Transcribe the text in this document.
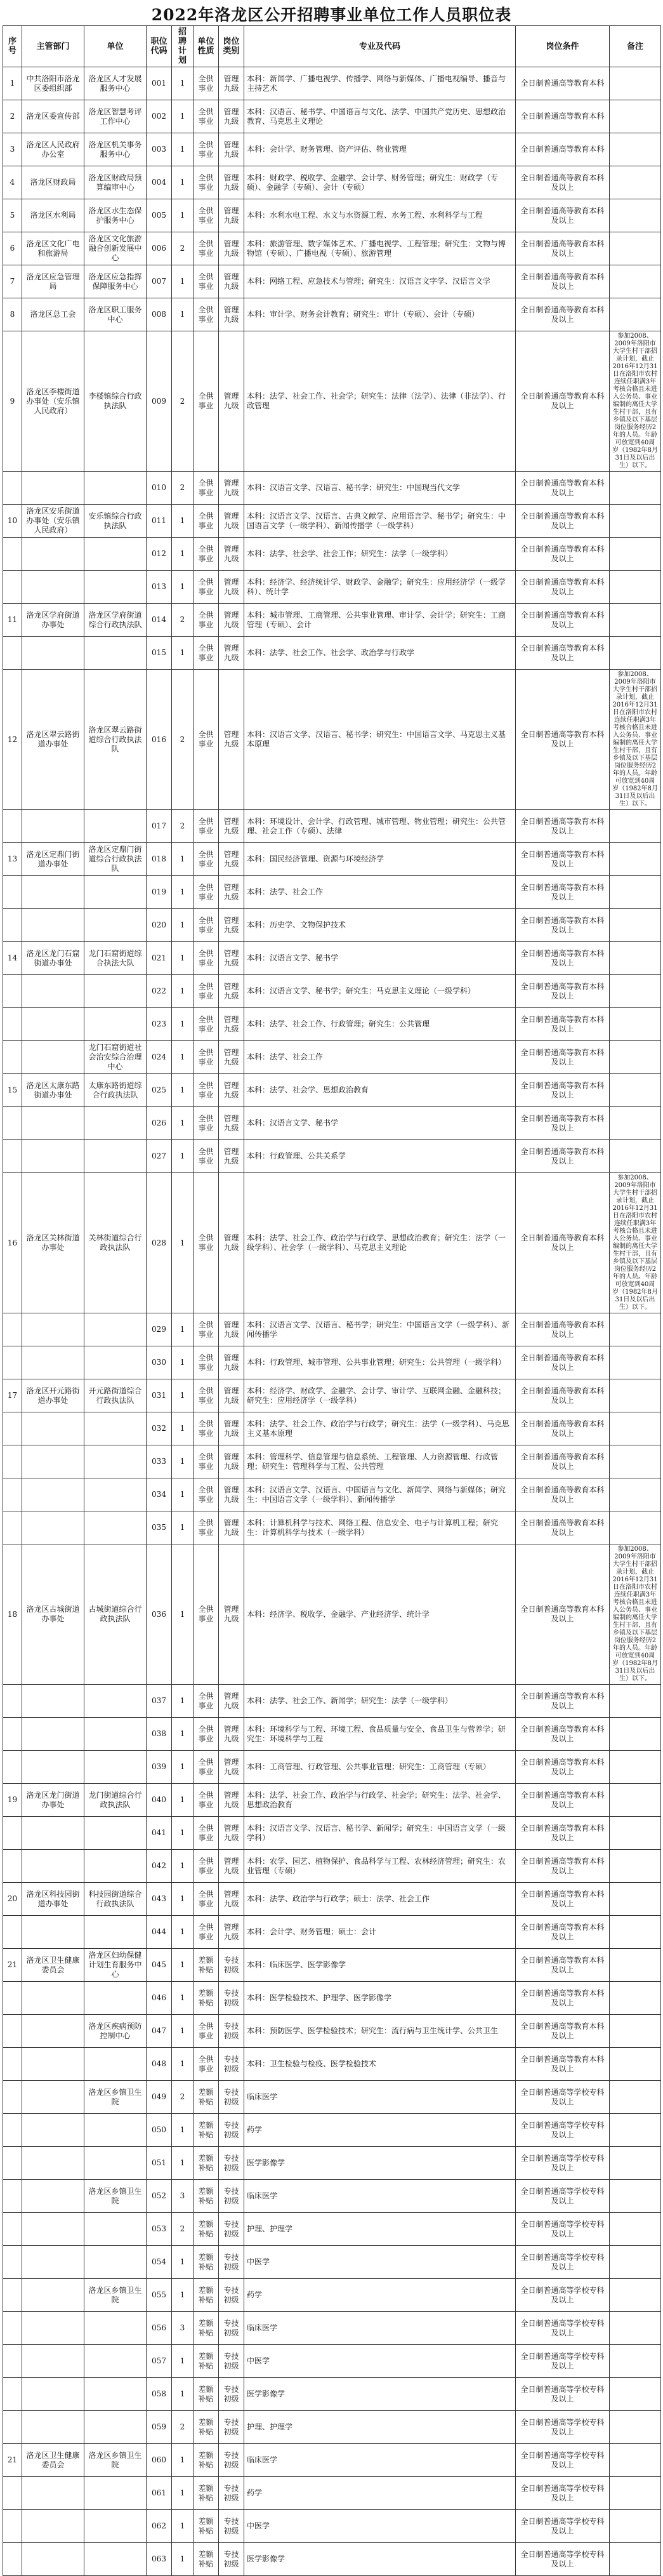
2022年洛龙区公开招聘事业单位工作人员职位表
序号	主管部门	单位	职位代码	招聘计划	单位性质	岗位类别	专业及代码	岗位条件	备注
1	中共洛阳市洛龙区委组织部	洛龙区人才发展服务中心	001	1	全供事业	管理九级	本科：新闻学、广播电视学、传播学、网络与新媒体、广播电视编导、播音与主持艺术	全日制普通高等教育本科	
2	洛龙区委宣传部	洛龙区智慧考评工作中心	002	1	全供事业	管理九级	本科：汉语言、秘书学、中国语言与文化、法学、中国共产党历史、思想政治教育、马克思主义理论	全日制普通高等教育本科	
3	洛龙区人民政府办公室	洛龙区机关事务服务中心	003	1	全供事业	管理九级	本科：会计学、财务管理、资产评估、物业管理	全日制普通高等教育本科	
4	洛龙区财政局	洛龙区财政局预算编审中心	004	1	全供事业	管理九级	本科：财政学、税收学、金融学、会计学、财务管理；研究生：财政学（专硕）、金融学（专硕）、会计（专硕）	全日制普通高等教育本科及以上	
5	洛龙区水利局	洛龙区水生态保护服务中心	005	1	全供事业	管理九级	本科：水利水电工程、水文与水资源工程、水务工程、水利科学与工程	全日制普通高等教育本科及以上	
6	洛龙区文化广电和旅游局	洛龙区文化旅游融合创新发展中心	006	2	全供事业	管理九级	本科：旅游管理、数字媒体艺术、广播电视学、工程管理；研究生：文物与博物馆（专硕）、广播电视（专硕）、旅游管理	全日制普通高等教育本科及以上	
7	洛龙区应急管理局	洛龙区应急指挥保障服务中心	007	1	全供事业	管理九级	本科：网络工程、应急技术与管理；研究生：汉语言文字学、汉语言文学	全日制普通高等教育本科及以上	
8	洛龙区总工会	洛龙区职工服务中心	008	1	全供事业	管理九级	本科：审计学、财务会计教育；研究生：审计（专硕）、会计（专硕）	全日制普通高等教育本科及以上	
9	洛龙区李楼街道办事处（安乐镇人民政府）	李楼镇综合行政执法队	009	2	全供事业	管理九级	本科：法学、社会工作、社会学；研究生：法律（法学）、法律（非法学）、行政管理	全日制普通高等教育本科及以上	参加2008、2009年洛阳市大学生村干部招录计划，截止2016年12月31日在洛阳市农村连续任职满3年考核合格且未进入公务员、事业编制的离任大学生村干部，且有乡镇及以下基层岗位服务经历2年的人员。年龄可放宽到40周岁（1982年8月31日及以后出生）以下。
			010	2	全供事业	管理九级	本科：汉语言文学、汉语言、秘书学；研究生：中国现当代文学	全日制普通高等教育本科及以上	
10	洛龙区安乐街道办事处（安乐镇人民政府）	安乐镇综合行政执法队	011	1	全供事业	管理九级	本科：汉语言文学、汉语言、古典文献学、应用语言学、秘书学；研究生：中国语言文学（一级学科）、新闻传播学（一级学科）	全日制普通高等教育本科及以上	
			012	1	全供事业	管理九级	本科：法学、社会学、社会工作；研究生：法学（一级学科）	全日制普通高等教育本科及以上	
			013	1	全供事业	管理九级	本科：经济学、经济统计学、财政学、金融学；研究生：应用经济学（一级学科）、统计学	全日制普通高等教育本科及以上	
11	洛龙区学府街道办事处	洛龙区学府街道综合行政执法队	014	2	全供事业	管理九级	本科：城市管理、工商管理、公共事业管理、审计学、会计学；研究生：工商管理（专硕）、会计	全日制普通高等教育本科及以上	
			015	1	全供事业	管理九级	本科：法学、社会工作、社会学、政治学与行政学	全日制普通高等教育本科及以上	
12	洛龙区翠云路街道办事处	洛龙区翠云路街道综合行政执法队	016	2	全供事业	管理九级	本科：汉语言文学、汉语言、秘书学；研究生：中国语言文学、马克思主义基本原理	全日制普通高等教育本科及以上	参加2008、2009年洛阳市大学生村干部招录计划，截止2016年12月31日在洛阳市农村连续任职满3年考核合格且未进入公务员、事业编制的离任大学生村干部，且有乡镇及以下基层岗位服务经历2年的人员。年龄可放宽到40周岁（1982年8月31日及以后出生）以下。
			017	2	全供事业	管理九级	本科：环境设计、会计学、行政管理、城市管理、物业管理；研究生：公共管理、社会工作（专硕）、法律	全日制普通高等教育本科及以上	
13	洛龙区定鼎门街道办事处	洛龙区定鼎门街道综合行政执法队	018	1	全供事业	管理九级	本科：国民经济管理、资源与环境经济学	全日制普通高等教育本科及以上	
			019	1	全供事业	管理九级	本科：法学、社会工作	全日制普通高等教育本科及以上	
			020	1	全供事业	管理九级	本科：历史学、文物保护技术	全日制普通高等教育本科及以上	
14	洛龙区龙门石窟街道办事处	龙门石窟街道综合执法大队	021	1	全供事业	管理九级	本科：汉语言文学、秘书学	全日制普通高等教育本科及以上	
			022	1	全供事业	管理九级	本科：汉语言文学、秘书学；研究生：马克思主义理论（一级学科）	全日制普通高等教育本科及以上	
			023	1	全供事业	管理九级	本科：法学、社会工作、行政管理；研究生：公共管理	全日制普通高等教育本科及以上	
		龙门石窟街道社会治安综合治理中心	024	1	全供事业	管理九级	本科：法学、社会工作	全日制普通高等教育本科及以上	
15	洛龙区太康东路街道办事处	太康东路街道综合行政执法队	025	1	全供事业	管理九级	本科：法学、社会学、思想政治教育	全日制普通高等教育本科及以上	
			026	1	全供事业	管理九级	本科：汉语言文学、秘书学	全日制普通高等教育本科及以上	
			027	1	全供事业	管理九级	本科：行政管理、公共关系学	全日制普通高等教育本科及以上	
16	洛龙区关林街道办事处	关林街道综合行政执法队	028	1	全供事业	管理九级	本科：法学、社会工作、政治学与行政学、思想政治教育；研究生：法学（一级学科）、社会学（一级学科）、马克思主义理论	全日制普通高等教育本科及以上	参加2008、2009年洛阳市大学生村干部招录计划，截止2016年12月31日在洛阳市农村连续任职满3年考核合格且未进入公务员、事业编制的离任大学生村干部，且有乡镇及以下基层岗位服务经历2年的人员。年龄可放宽到40周岁（1982年8月31日及以后出生）以下。
			029	1	全供事业	管理九级	本科：汉语言文学、汉语言、秘书学；研究生：中国语言文学（一级学科）、新闻传播学	全日制普通高等教育本科及以上	
			030	1	全供事业	管理九级	本科：行政管理、城市管理、公共事业管理；研究生：公共管理（一级学科）	全日制普通高等教育本科及以上	
17	洛龙区开元路街道办事处	开元路街道综合行政执法队	031	1	全供事业	管理九级	本科：经济学、财政学、金融学、会计学、审计学、互联网金融、金融科技；研究生：应用经济学（一级学科）	全日制普通高等教育本科及以上	
			032	1	全供事业	管理九级	本科：法学、社会工作、政治学与行政学；研究生：法学（一级学科）、马克思主义基本原理	全日制普通高等教育本科及以上	
			033	1	全供事业	管理九级	本科：管理科学、信息管理与信息系统、工程管理、人力资源管理、行政管理；研究生：管理科学与工程、公共管理	全日制普通高等教育本科及以上	
			034	1	全供事业	管理九级	本科：汉语言文学、汉语言、中国语言与文化、新闻学、网络与新媒体；研究生：中国语言文学（一级学科）、新闻传播学	全日制普通高等教育本科及以上	
			035	1	全供事业	管理九级	本科：计算机科学与技术、网络工程、信息安全、电子与计算机工程；研究生：计算机科学与技术（一级学科）	全日制普通高等教育本科及以上	
18	洛龙区古城街道办事处	古城街道综合行政执法队	036	1	全供事业	管理九级	本科：经济学、税收学、金融学、产业经济学、统计学	全日制普通高等教育本科及以上	参加2008、2009年洛阳市大学生村干部招录计划，截止2016年12月31日在洛阳市农村连续任职满3年考核合格且未进入公务员、事业编制的离任大学生村干部，且有乡镇及以下基层岗位服务经历2年的人员。年龄可放宽到40周岁（1982年8月31日及以后出生）以下。
			037	1	全供事业	管理九级	本科：法学、社会工作、新闻学；研究生：法学（一级学科）	全日制普通高等教育本科及以上	
			038	1	全供事业	管理九级	本科：环境科学与工程、环境工程、食品质量与安全、食品卫生与营养学；研究生：环境科学与工程	全日制普通高等教育本科及以上	
			039	1	全供事业	管理九级	本科：工商管理、行政管理、公共事业管理；研究生：工商管理（专硕）	全日制普通高等教育本科及以上	
19	洛龙区龙门街道办事处	龙门街道综合行政执法队	040	1	全供事业	管理九级	本科：法学、社会工作、政治学与行政学、社会学；研究生：法学、社会学、思想政治教育	全日制普通高等教育本科及以上	
			041	1	全供事业	管理九级	本科：汉语言文学、汉语言、秘书学、新闻学；研究生：中国语言文学（一级学科）	全日制普通高等教育本科及以上	
			042	1	全供事业	管理九级	本科：农学、园艺、植物保护、食品科学与工程、农林经济管理；研究生：农业管理（专硕）	全日制普通高等教育本科及以上	
20	洛龙区科技园街道办事处	科技园街道综合行政执法队	043	1	全供事业	管理九级	本科：法学、政治学与行政学；硕士：法学、社会工作	全日制普通高等教育本科及以上	
			044	1	全供事业	管理九级	本科：会计学、财务管理；硕士：会计	全日制普通高等教育本科及以上	
21	洛龙区卫生健康委员会	洛龙区妇幼保健计划生育服务中心	045	1	差额补贴	专技初级	本科：临床医学、医学影像学	全日制普通高等教育本科及以上	
			046	1	差额补贴	专技初级	本科：医学检验技术、护理学、医学影像学	全日制普通高等教育本科及以上	
		洛龙区疾病预防控制中心	047	1	全供事业	专技初级	本科：预防医学、医学检验技术；研究生：流行病与卫生统计学、公共卫生	全日制普通高等教育本科及以上	
			048	1	全供事业	专技初级	本科：卫生检验与检疫、医学检验技术	全日制普通高等教育本科及以上	
		洛龙区乡镇卫生院	049	2	差额补贴	专技初级	临床医学	全日制普通高等学校专科及以上	
			050	1	差额补贴	专技初级	药学	全日制普通高等学校专科及以上	
			051	1	差额补贴	专技初级	医学影像学	全日制普通高等学校专科及以上	
		洛龙区乡镇卫生院	052	3	差额补贴	专技初级	临床医学	全日制普通高等学校专科及以上	
			053	2	差额补贴	专技初级	护理、护理学	全日制普通高等学校专科及以上	
			054	1	差额补贴	专技初级	中医学	全日制普通高等学校专科及以上	
		洛龙区乡镇卫生院	055	1	差额补贴	专技初级	药学	全日制普通高等学校专科及以上	
			056	3	差额补贴	专技初级	临床医学	全日制普通高等学校专科及以上	
			057	1	差额补贴	专技初级	中医学	全日制普通高等学校专科及以上	
			058	1	差额补贴	专技初级	医学影像学	全日制普通高等学校专科及以上	
			059	2	差额补贴	专技初级	护理、护理学	全日制普通高等学校专科及以上	
21	洛龙区卫生健康委员会	洛龙区乡镇卫生院	060	1	差额补贴	专技初级	临床医学	全日制普通高等学校专科及以上	
			061	1	差额补贴	专技初级	药学	全日制普通高等学校专科及以上	
			062	1	差额补贴	专技初级	中医学	全日制普通高等学校专科及以上	
			063	1	差额补贴	专技初级	医学影像学	全日制普通高等学校专科及以上	
